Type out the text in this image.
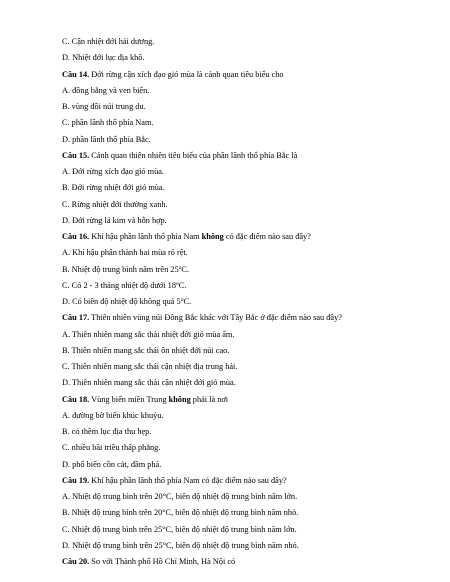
C. Cận nhiệt đới hải dương.
D. Nhiệt đới lục địa khô.
Câu 14. Đới rừng cận xích đạo gió mùa là cảnh quan tiêu biểu cho
A. đồng bằng và ven biển.
B. vùng đồi núi trung du.
C. phần lãnh thổ phía Nam.
D. phần lãnh thổ phía Bắc.
Câu 15. Cảnh quan thiên nhiên tiêu biểu của phần lãnh thổ phía Bắc là
A. Đới rừng xích đạo gió mùa.
B. Đới rừng nhiệt đới gió mùa.
C. Rừng nhiệt đới thường xanh.
D. Đới rừng lá kim và hỗn hợp.
Câu 16. Khí hậu phần lãnh thổ phía Nam không có đặc điểm nào sau đây?
A. Khí hậu phân thành hai mùa rõ rệt.
B. Nhiệt độ trung bình năm trên 25$^o$C.
C. Có 2 - 3 tháng nhiệt độ dưới 18$^o$C.
D. Có biên độ nhiệt độ không quá 5$^o$C.
Câu 17. Thiên nhiên vùng núi Đông Bắc khác với Tây Bắc ở đặc điểm nào sau đây?
A. Thiên nhiên mang sắc thái nhiệt đới gió mùa ẩm.
B. Thiên nhiên mang sắc thái ôn nhiệt đới núi cao.
C. Thiên nhiên mang sắc thái cận nhiệt địa trung hải.
D. Thiên nhiên mang sắc thái cận nhiệt đới gió mùa.
Câu 18. Vùng biển miền Trung không phải là nơi
A. đường bờ biển khúc khuỷu.
B. có thềm lục địa thu hẹp.
C. nhiều bãi triều thấp phẳng.
D. phổ biến cồn cát, đầm phá.
Câu 19. Khí hậu phần lãnh thổ phía Nam có đặc điểm nào sau đây?
A. Nhiệt độ trung bình trên 20°C, biên độ nhiệt độ trung bình năm lớn.
B. Nhiệt độ trung bình trên 20°C, biên độ nhiệt độ trung bình năm nhỏ.
C. Nhiệt độ trung bình trên 25°C, biên độ nhiệt độ trung bình năm lớn.
D. Nhiệt độ trung bình trên 25°C, biên độ nhiệt độ trung bình năm nhỏ.
Câu 20. So với Thành phố Hồ Chí Minh, Hà Nội có
